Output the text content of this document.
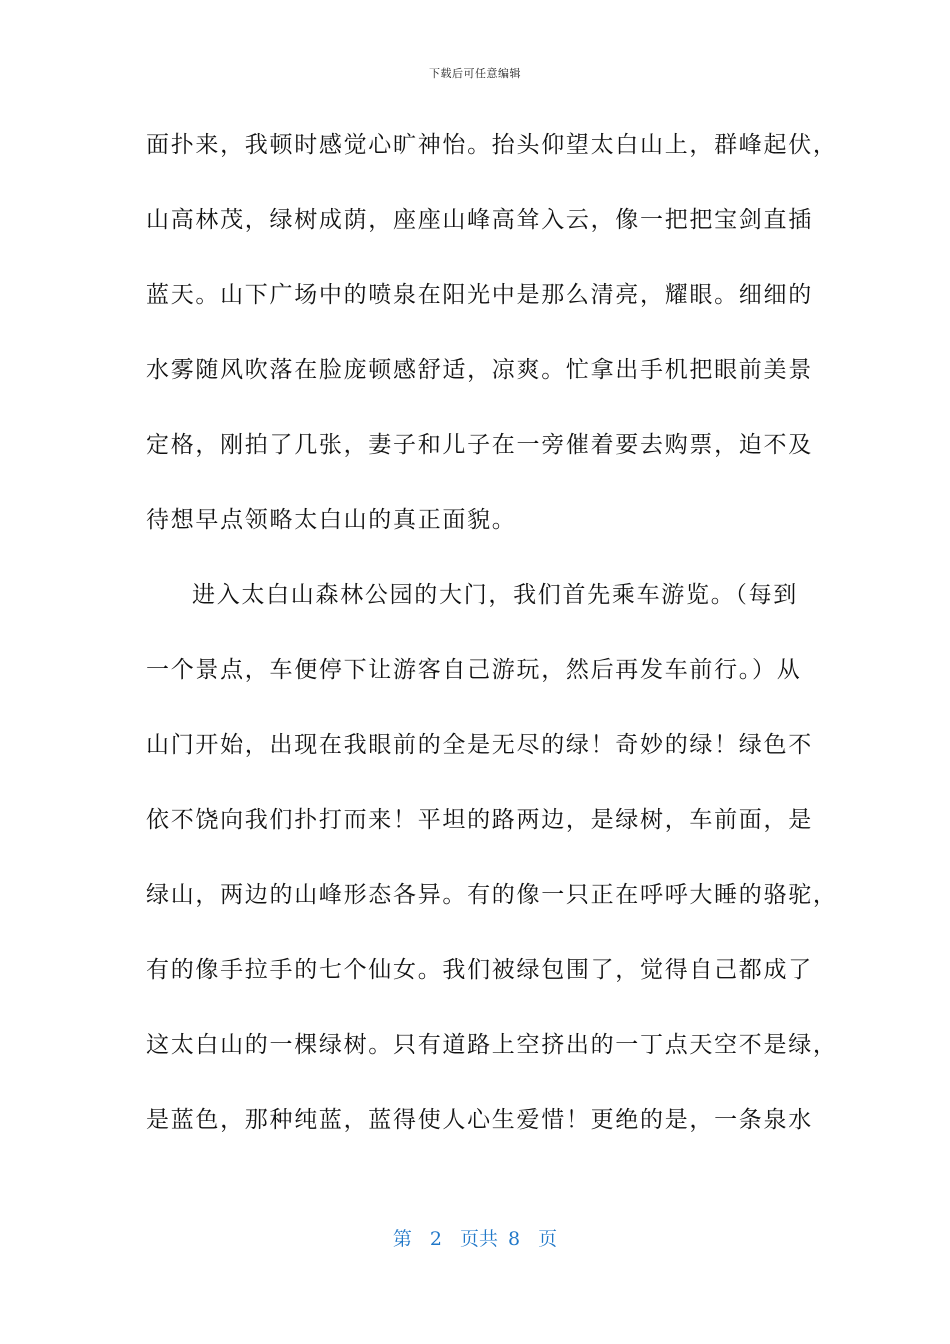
下载后可任意编辑
面扑来，我顿时感觉心旷神怡。抬头仰望太白山上，群峰起伏，
山高林茂，绿树成荫，座座山峰高耸入云，像一把把宝剑直插
蓝天。山下广场中的喷泉在阳光中是那么清亮，耀眼。细细的
水雾随风吹落在脸庞顿感舒适，凉爽。忙拿出手机把眼前美景
定格，刚拍了几张，妻子和儿子在一旁催着要去购票，迫不及
待想早点领略太白山的真正面貌。
进入太白山森林公园的大门，我们首先乘车游览。（每到
一个景点，车便停下让游客自己游玩，然后再发车前行。）从
山门开始，出现在我眼前的全是无尽的绿！奇妙的绿！绿色不
依不饶向我们扑打而来！平坦的路两边，是绿树，车前面，是
绿山，两边的山峰形态各异。有的像一只正在呼呼大睡的骆驼，
有的像手拉手的七个仙女。我们被绿包围了，觉得自己都成了
这太白山的一棵绿树。只有道路上空挤出的一丁点天空不是绿，
是蓝色，那种纯蓝，蓝得使人心生爱惜！更绝的是，一条泉水
第 2 页共 8 页
